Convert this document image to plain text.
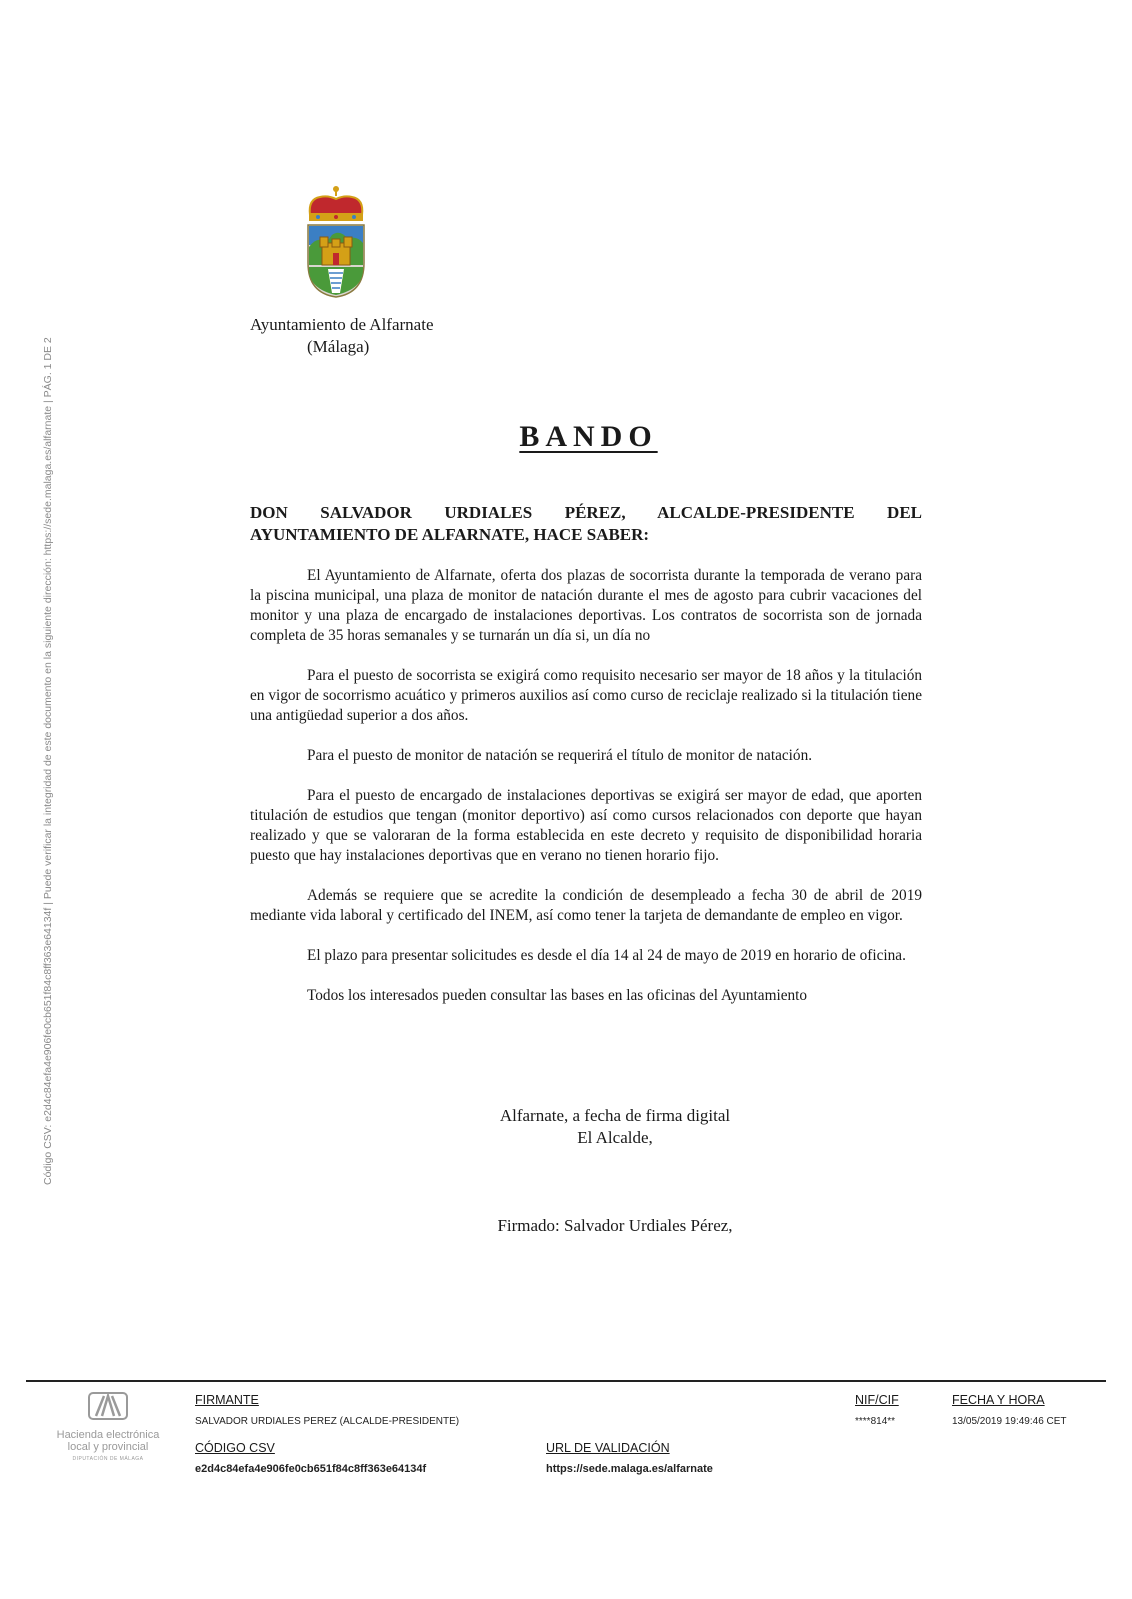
Código CSV: e2d4c84efa4e906fe0cb651f84c8ff363e64134f | Puede verificar la integridad de este documento en la siguiente dirección: https://sede.malaga.es/alfarnate | PÁG. 1 DE 2
Ayuntamiento de Alfarnate
(Málaga)
BANDO

DON SALVADOR URDIALES PÉREZ, ALCALDE-PRESIDENTE DEL AYUNTAMIENTO DE ALFARNATE, HACE SABER:

El Ayuntamiento de Alfarnate, oferta dos plazas de socorrista durante la temporada de verano para la piscina municipal, una plaza de monitor de natación durante el mes de agosto para cubrir vacaciones del monitor y una plaza de encargado de instalaciones deportivas. Los contratos de socorrista son de jornada completa de 35 horas semanales y se turnarán un día si, un día no

Para el puesto de socorrista se exigirá como requisito necesario ser mayor de 18 años y la titulación en vigor de socorrismo acuático y primeros auxilios así como curso de reciclaje realizado si la titulación tiene una antigüedad superior a dos años.

Para el puesto de monitor de natación se requerirá el título de monitor de natación.

Para el puesto de encargado de instalaciones deportivas se exigirá ser mayor de edad, que aporten titulación de estudios que tengan (monitor deportivo) así como cursos relacionados con deporte que hayan realizado y que se valoraran de la forma establecida en este decreto y requisito de disponibilidad horaria puesto que hay instalaciones deportivas que en verano no tienen horario fijo.

Además se requiere que se acredite la condición de desempleado a fecha 30 de abril de 2019 mediante vida laboral y certificado del INEM, así como tener la tarjeta de demandante de empleo en vigor.

El plazo para presentar solicitudes es desde el día 14 al 24 de mayo de 2019 en horario de oficina.

Todos los interesados pueden consultar las bases en las oficinas del Ayuntamiento

Alfarnate, a fecha de firma digital
El Alcalde,
Firmado: Salvador Urdiales Pérez,
Hacienda electrónica
local y provincial
DIPUTACIÓN DE MÁLAGA
FIRMANTE
SALVADOR URDIALES PEREZ (ALCALDE-PRESIDENTE)
NIF/CIF
****814**
FECHA Y HORA
13/05/2019 19:49:46 CET
CÓDIGO CSV
e2d4c84efa4e906fe0cb651f84c8ff363e64134f
URL DE VALIDACIÓN
https://sede.malaga.es/alfarnate
